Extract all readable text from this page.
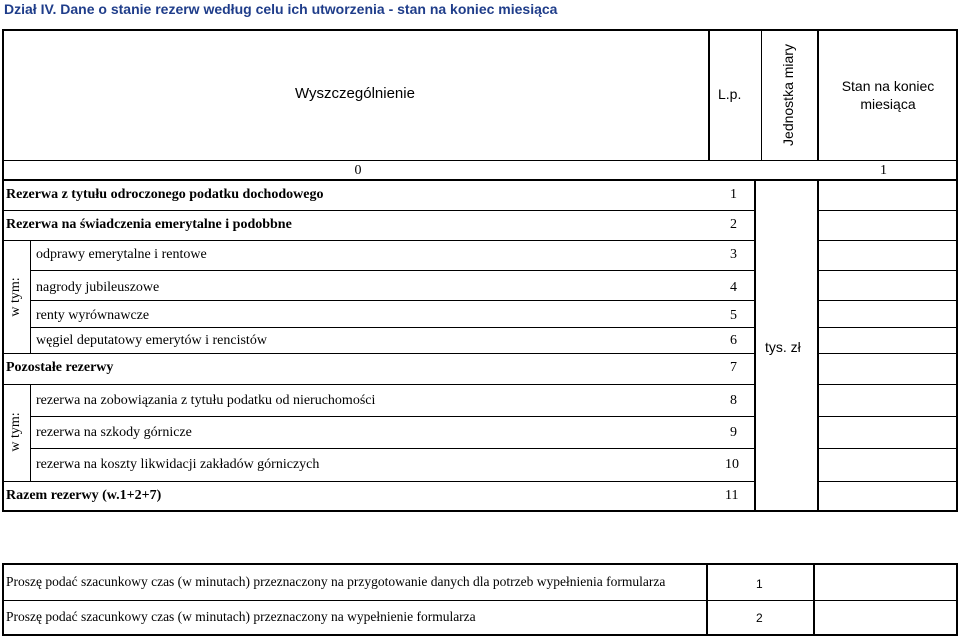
Dział IV. Dane o stanie rezerw według celu ich utworzenia - stan na koniec miesiąca
Wyszczególnienie	L.p.	Jednostka miary	Stan na koniec
miesiąca
0	1
Rezerwa z tytułu odroczonego podatku dochodowego	1
Rezerwa na świadczenia emerytalne i podobbne	2
w tym:
odprawy emerytalne i rentowe	3
nagrody jubileuszowe	4
renty wyrównawcze	5
węgiel deputatowy emerytów i rencistów	6
Pozostałe rezerwy	7
tys. zł
w tym:
rezerwa na zobowiązania z tytułu podatku od nieruchomości	8
rezerwa na szkody górnicze	9
rezerwa na koszty likwidacji zakładów górniczych	10
Razem rezerwy (w.1+2+7)	11
Proszę podać szacunkowy czas (w minutach) przeznaczony na przygotowanie danych dla potrzeb wypełnienia formularza	1
Proszę podać szacunkowy czas (w minutach) przeznaczony na wypełnienie formularza	2
